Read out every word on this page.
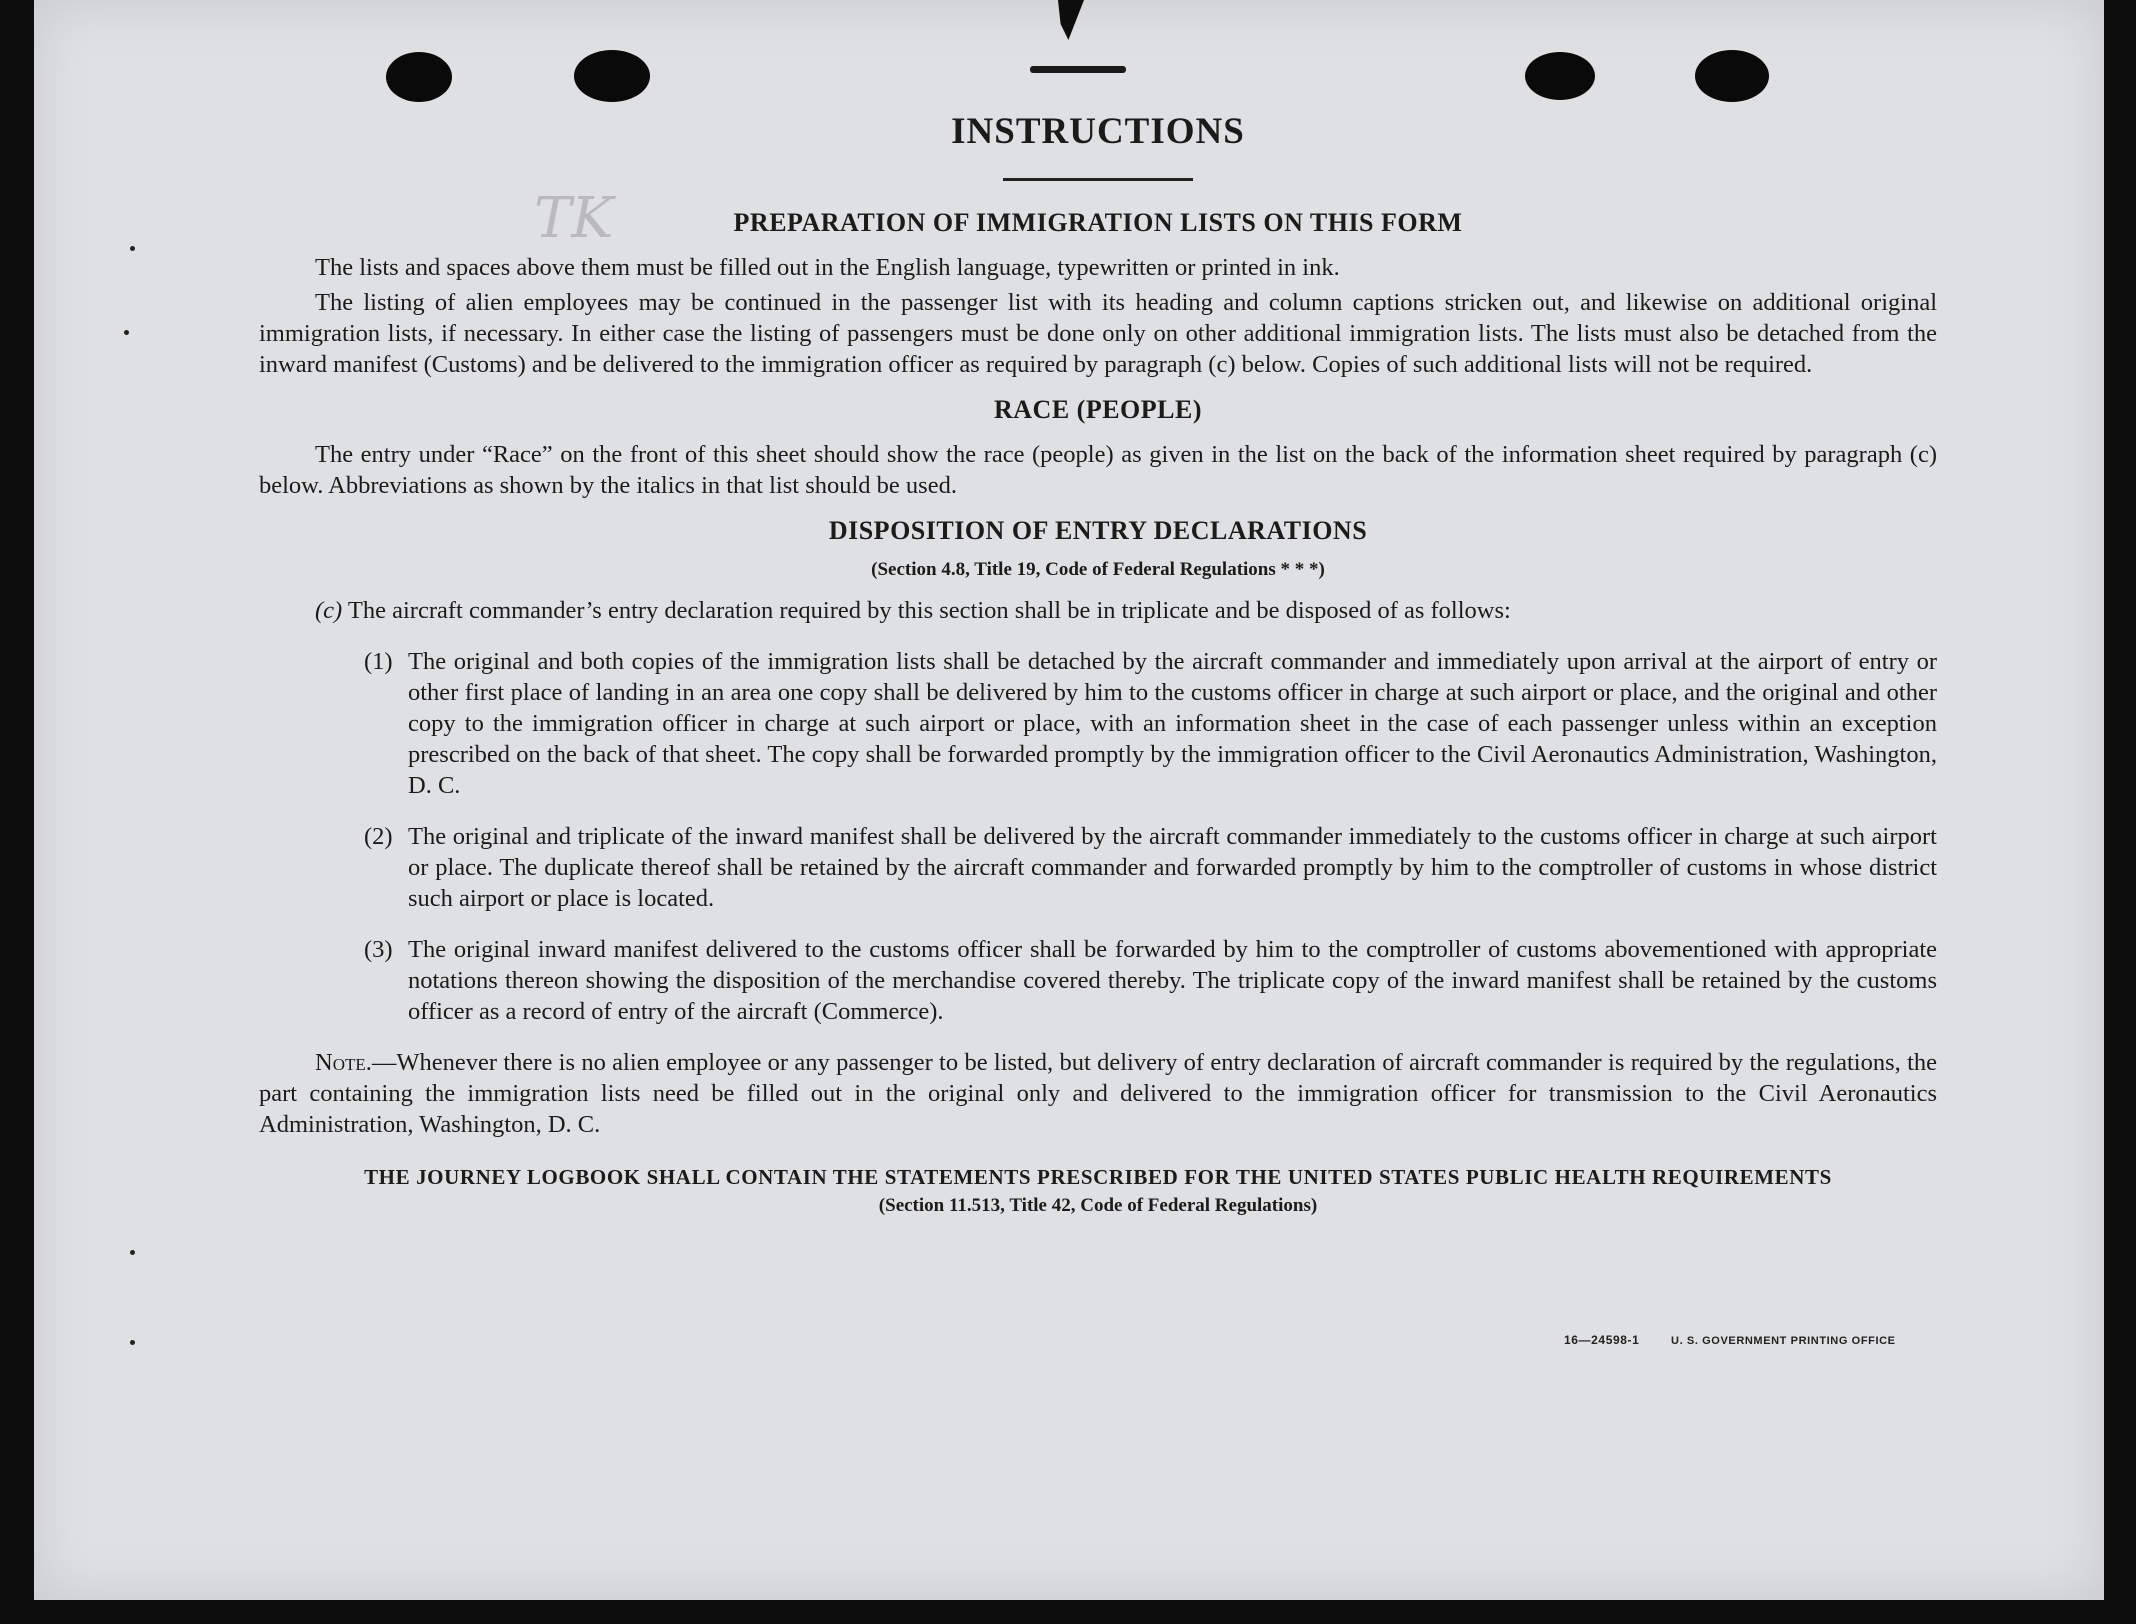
TK
INSTRUCTIONS
PREPARATION OF IMMIGRATION LISTS ON THIS FORM

The lists and spaces above them must be filled out in the English language, typewritten or printed in ink.

The listing of alien employees may be continued in the passenger list with its heading and column captions stricken out, and likewise on additional original immigration lists, if necessary. In either case the listing of passengers must be done only on other additional immigration lists. The lists must also be detached from the inward manifest (Customs) and be delivered to the immigration officer as required by paragraph (c) below. Copies of such additional lists will not be required.

RACE (PEOPLE)

The entry under “Race” on the front of this sheet should show the race (people) as given in the list on the back of the information sheet required by paragraph (c) below. Abbreviations as shown by the italics in that list should be used.

DISPOSITION OF ENTRY DECLARATIONS
(Section 4.8, Title 19, Code of Federal Regulations * * *)
(c) The aircraft commander’s entry declaration required by this section shall be in triplicate and be disposed of as follows:
(1) The original and both copies of the immigration lists shall be detached by the aircraft commander and immediately upon arrival at the airport of entry or other first place of landing in an area one copy shall be delivered by him to the customs officer in charge at such airport or place, and the original and other copy to the immigration officer in charge at such airport or place, with an information sheet in the case of each passenger unless within an exception prescribed on the back of that sheet. The copy shall be forwarded promptly by the immigration officer to the Civil Aeronautics Administration, Washington, D. C.
(2) The original and triplicate of the inward manifest shall be delivered by the aircraft commander immediately to the customs officer in charge at such airport or place. The duplicate thereof shall be retained by the aircraft commander and forwarded promptly by him to the comptroller of customs in whose district such airport or place is located.
(3) The original inward manifest delivered to the customs officer shall be forwarded by him to the comptroller of customs abovementioned with appropriate notations thereon showing the disposition of the merchandise covered thereby. The triplicate copy of the inward manifest shall be retained by the customs officer as a record of entry of the aircraft (Commerce).

Note.—Whenever there is no alien employee or any passenger to be listed, but delivery of entry declaration of aircraft commander is required by the regulations, the part containing the immigration lists need be filled out in the original only and delivered to the immigration officer for transmission to the Civil Aeronautics Administration, Washington, D. C.

THE JOURNEY LOGBOOK SHALL CONTAIN THE STATEMENTS PRESCRIBED FOR THE UNITED STATES PUBLIC HEALTH REQUIREMENTS
(Section 11.513, Title 42, Code of Federal Regulations)
16—24598-1	U. S. GOVERNMENT PRINTING OFFICE
